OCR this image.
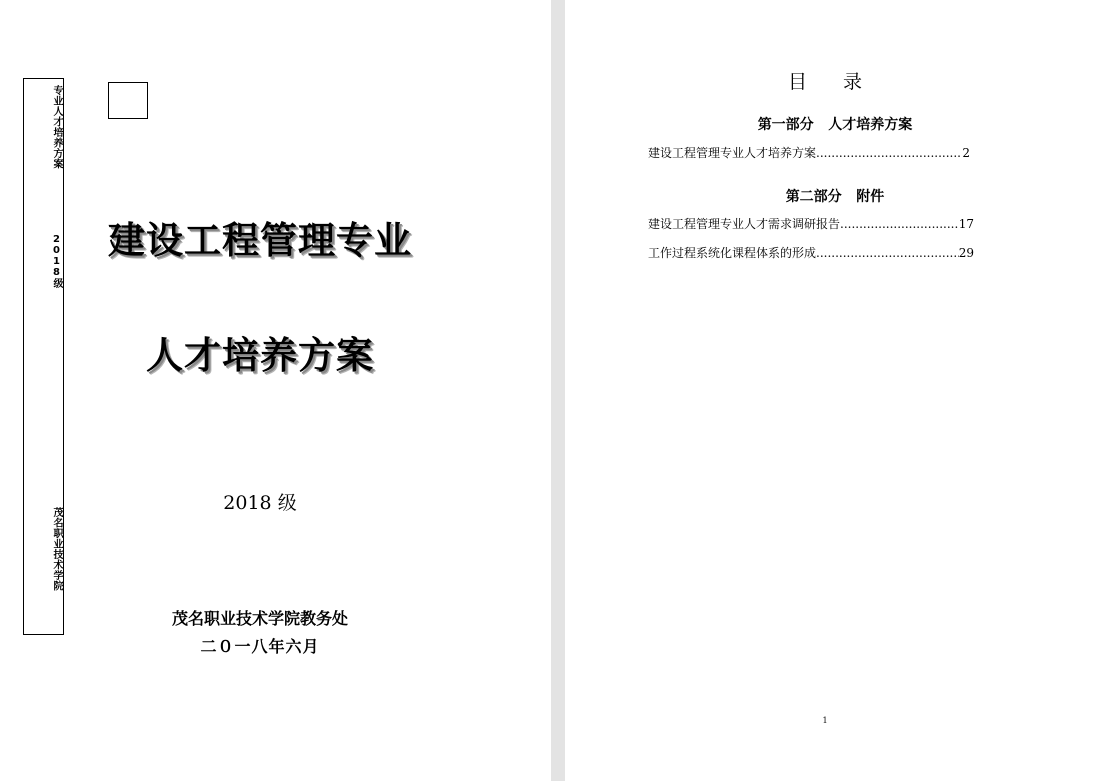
专业人才培养方案
2018级
茂名职业技术学院
建设工程管理专业
人才培养方案
2018 级
茂名职业技术学院教务处
二０一八年六月
目 录
第一部分   人才培养方案
建设工程管理专业人才培养方案 .....	2
第二部分   附件
建设工程管理专业人才需求调研报告 .....	17
工作过程系统化课程体系的形成 .....	29
1
